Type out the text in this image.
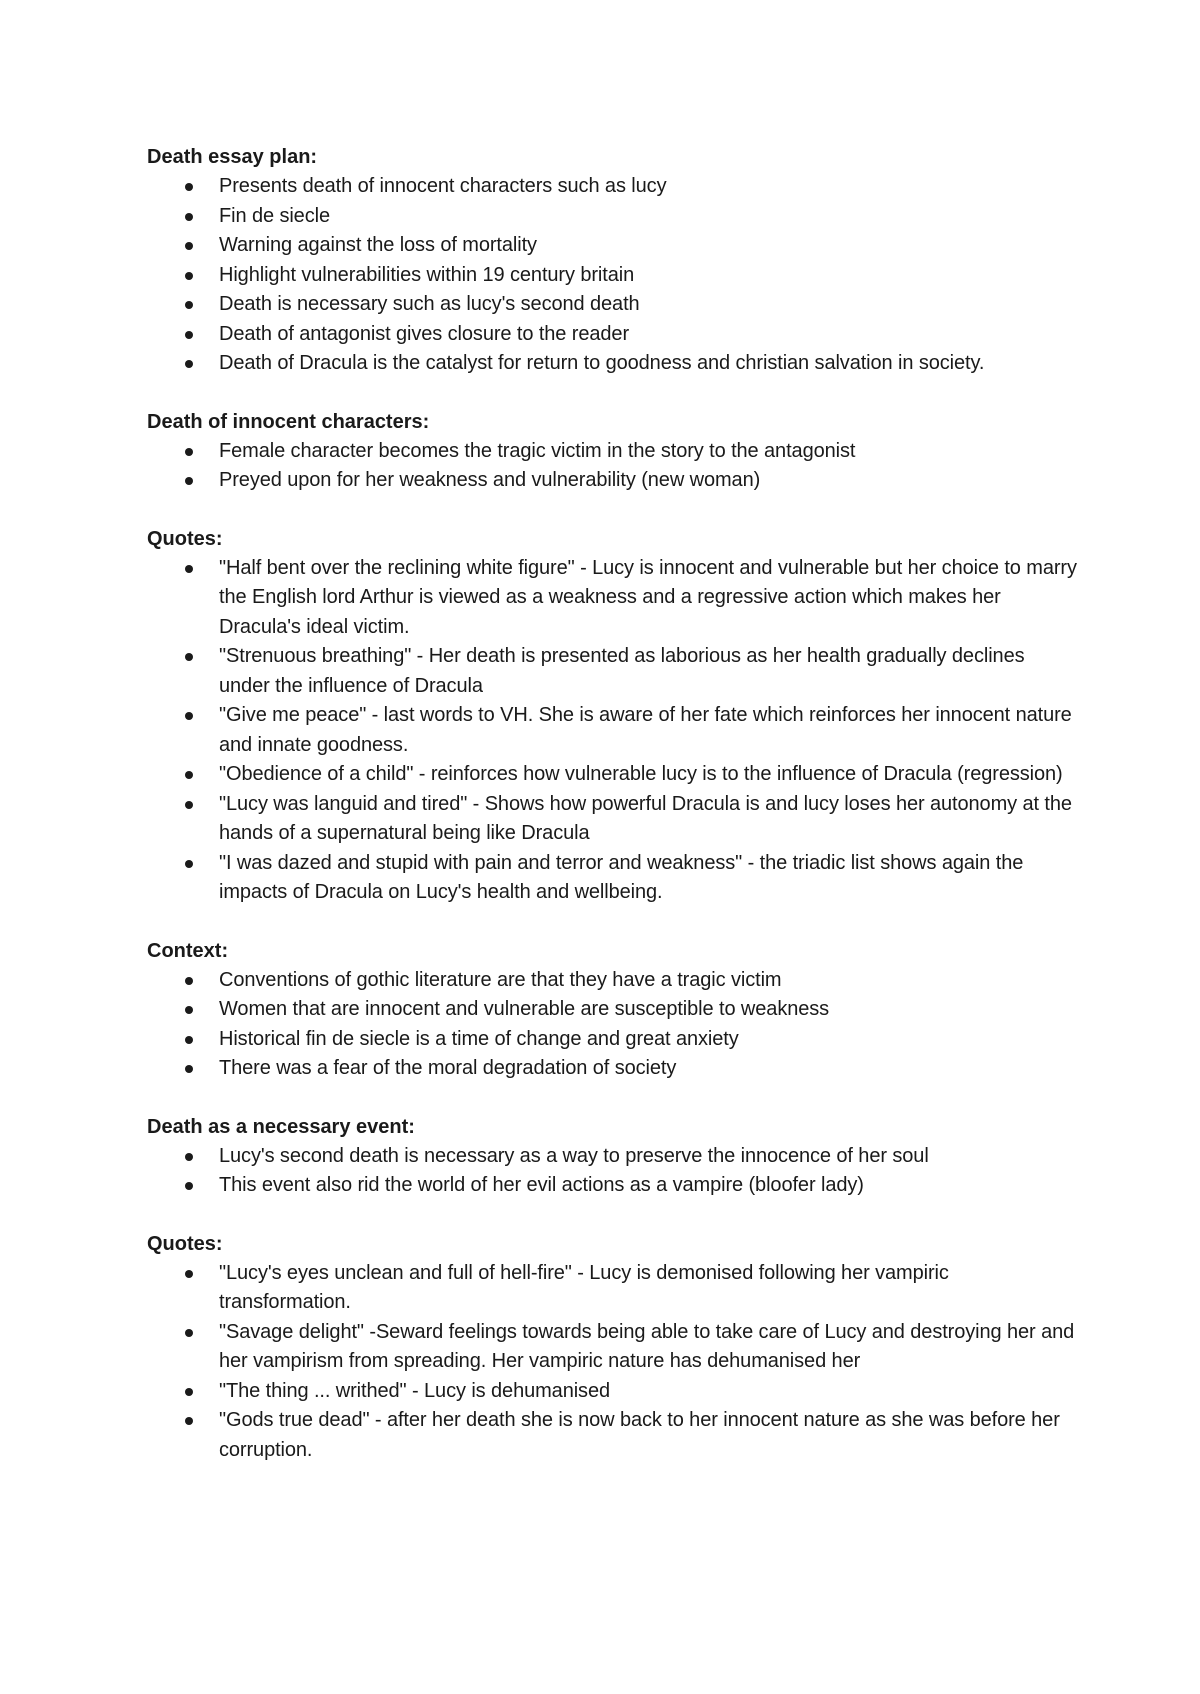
Death essay plan:

Presents death of innocent characters such as lucy
Fin de siecle
Warning against the loss of mortality
Highlight vulnerabilities within 19 century britain
Death is necessary such as lucy's second death
Death of antagonist gives closure to the reader
Death of Dracula is the catalyst for return to goodness and christian salvation in society.

Death of innocent characters:

Female character becomes the tragic victim in the story to the antagonist
Preyed upon for her weakness and vulnerability (new woman)

Quotes:

"Half bent over the reclining white figure" - Lucy is innocent and vulnerable but her choice to marry the English lord Arthur is viewed as a weakness and a regressive action which makes her Dracula's ideal victim.
"Strenuous breathing" - Her death is presented as laborious as her health gradually declines under the influence of Dracula
"Give me peace" - last words to VH. She is aware of her fate which reinforces her innocent nature and innate goodness.
"Obedience of a child" - reinforces how vulnerable lucy is to the influence of Dracula (regression)
"Lucy was languid and tired" - Shows how powerful Dracula is and lucy loses her autonomy at the hands of a supernatural being like Dracula
"I was dazed and stupid with pain and terror and weakness" - the triadic list shows again the impacts of Dracula on Lucy's health and wellbeing.

Context:

Conventions of gothic literature are that they have a tragic victim
Women that are innocent and vulnerable are susceptible to weakness
Historical fin de siecle is a time of change and great anxiety
There was a fear of the moral degradation of society

Death as a necessary event:

Lucy's second death is necessary as a way to preserve the innocence of her soul
This event also rid the world of her evil actions as a vampire (bloofer lady)

Quotes:

"Lucy's eyes unclean and full of hell-fire" - Lucy is demonised following her vampiric transformation.
"Savage delight" -Seward feelings towards being able to take care of Lucy and destroying her and her vampirism from spreading. Her vampiric nature has dehumanised her
"The thing ... writhed" - Lucy is dehumanised
"Gods true dead" - after her death she is now back to her innocent nature as she was before her corruption.
